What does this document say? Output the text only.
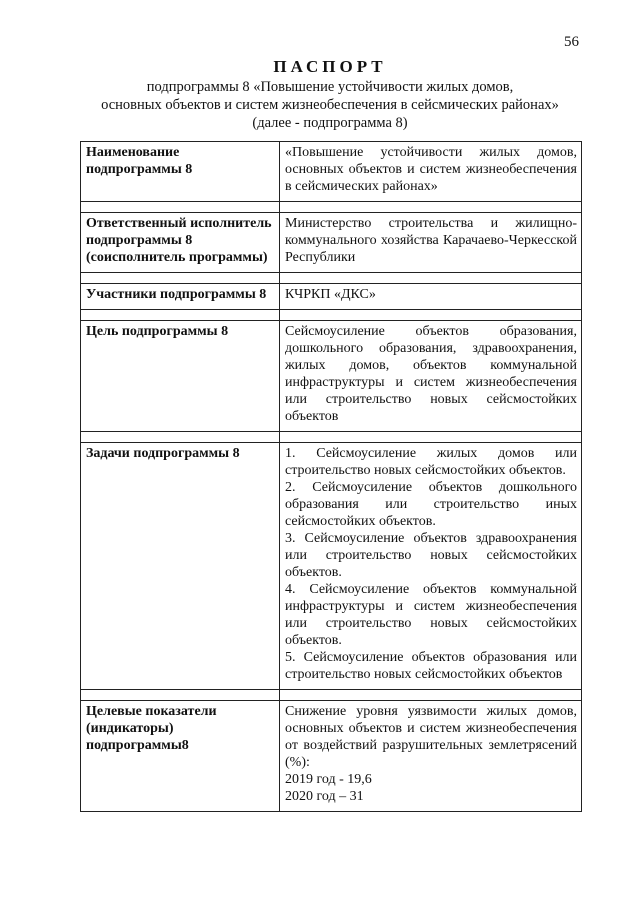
56
ПАСПОРТ
подпрограммы 8 «Повышение устойчивости жилых домов,
основных объектов и систем жизнеобеспечения в сейсмических районах»
(далее - подпрограмма 8)
Наименование подпрограммы 8	«Повышение устойчивости жилых домов, основных объектов и систем жизнеобеспечения в сейсмических районах»

Ответственный исполнитель подпрограммы 8 (соисполнитель программы)	Министерство строительства и жилищно-коммунального хозяйства Карачаево-Черкесской Республики

Участники подпрограммы 8	КЧРКП «ДКС»

Цель подпрограммы 8	Сейсмоусиление объектов образования, дошкольного образования, здравоохранения, жилых домов, объектов коммунальной инфраструктуры и систем жизнеобеспечения или строительство новых сейсмостойких объектов

Задачи подпрограммы 8	1. Сейсмоусиление жилых домов или строительство новых сейсмостойких объектов.
2. Сейсмоусиление объектов дошкольного образования или строительство иных сейсмостойких объектов.
3. Сейсмоусиление объектов здравоохранения или строительство новых сейсмостойких объектов.
4. Сейсмоусиление объектов коммунальной инфраструктуры и систем жизнеобеспечения или строительство новых сейсмостойких объектов.
5. Сейсмоусиление объектов образования или строительство новых сейсмостойких объектов

Целевые показатели (индикаторы) подпрограммы8	Снижение уровня уязвимости жилых домов, основных объектов и систем жизнеобеспечения от воздействий разрушительных землетрясений (%):
2019 год - 19,6
2020 год – 31
